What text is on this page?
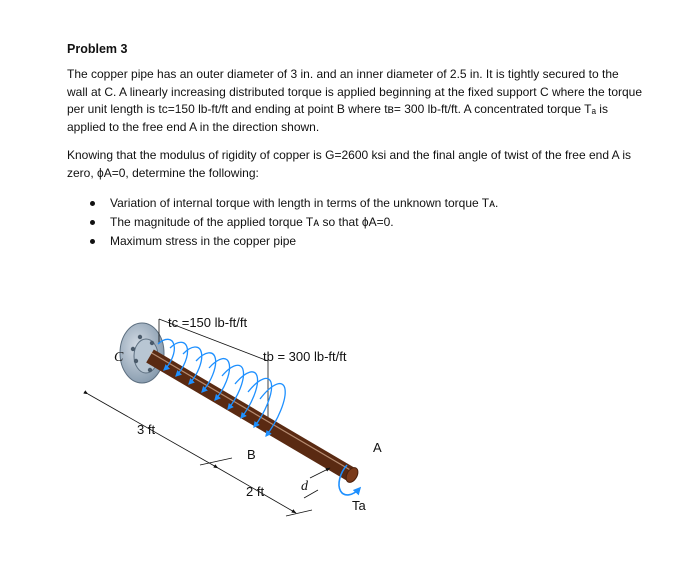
Problem 3
The copper pipe has an outer diameter of 3 in. and an inner diameter of 2.5 in. It is tightly secured to the wall at C. A linearly increasing distributed torque is applied beginning at the fixed support C where the torque per unit length is tᴄ=150 lb-ft/ft and ending at point B where tʙ= 300 lb-ft/ft. A concentrated torque Tₐ is applied to the free end A in the direction shown.
Knowing that the modulus of rigidity of copper is G=2600 ksi and the final angle of twist of the free end A is zero, ϕA=0, determine the following:
Variation of internal torque with length in terms of the unknown torque Tᴀ.
The magnitude of the applied torque Tᴀ so that ϕA=0.
Maximum stress in the copper pipe
tc =150 lb-ft/ft
tb = 300 lb-ft/ft
C
B	A
3 ft
2 ft	d
Ta
